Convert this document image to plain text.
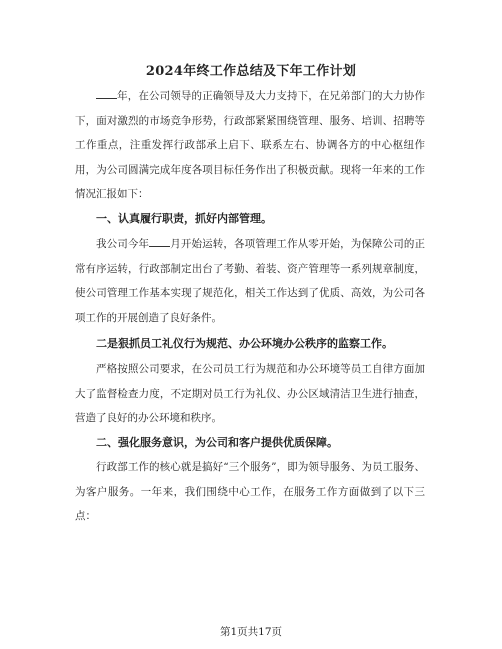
2024年终工作总结及下年工作计划

年，在公司领导的正确领导及大力支持下，在兄弟部门的大力协作下，面对激烈的市场竞争形势，行政部紧紧围绕管理、服务、培训、招聘等工作重点，注重发挥行政部承上启下、联系左右、协调各方的中心枢纽作用，为公司圆满完成年度各项目标任务作出了积极贡献。现将一年来的工作情况汇报如下：

一、认真履行职责，抓好内部管理。

我公司今年 月开始运转，各项管理工作从零开始，为保障公司的正常有序运转，行政部制定出台了考勤、着装、资产管理等一系列规章制度，使公司管理工作基本实现了规范化，相关工作达到了优质、高效，为公司各项工作的开展创造了良好条件。

二是狠抓员工礼仪行为规范、办公环境办公秩序的监察工作。

严格按照公司要求，在公司员工行为规范和办公环境等员工自律方面加大了监督检查力度，不定期对员工行为礼仪、办公区域清洁卫生进行抽查，营造了良好的办公环境和秩序。

二、强化服务意识，为公司和客户提供优质保障。

行政部工作的核心就是搞好“三个服务”，即为领导服务、为员工服务、为客户服务。一年来，我们围绕中心工作，在服务工作方面做到了以下三点：

第1页共17页
